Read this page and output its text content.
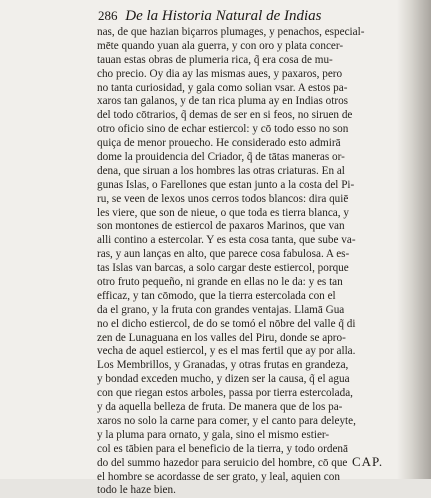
286 De la Historia Natural de Indias
nas, de que hazian biçarros plumages, y penachos, especial-
mēte quando yuan ala guerra, y con oro y plata concer-
tauan estas obras de plumeria rica, q̃ era cosa de mu-
cho precio. Oy dia ay las mismas aues, y paxaros, pero
no tanta curiosidad, y gala como solian vsar. A estos pa-
xaros tan galanos, y de tan rica pluma ay en Indias otros
del todo cōtrarios, q̃ demas de ser en si feos, no siruen de
otro oficio sino de echar estiercol: y cō todo esso no son
quiça de menor prouecho. He considerado esto admirā
dome la prouidencia del Criador, q̃ de tātas maneras or-
dena, que siruan a los hombres las otras criaturas. En al
gunas Islas, o Farellones que estan junto a la costa del Pi-
ru, se veen de lexos unos cerros todos blancos: dira quiē
les viere, que son de nieue, o que toda es tierra blanca, y
son montones de estiercol de paxaros Marinos, que van
alli contino a estercolar. Y es esta cosa tanta, que sube va-
ras, y aun lanças en alto, que parece cosa fabulosa. A es-
tas Islas van barcas, a solo cargar deste estiercol, porque
otro fruto pequeño, ni grande en ellas no le da: y es tan
efficaz, y tan cōmodo, que la tierra estercolada con el
da el grano, y la fruta con grandes ventajas. Llamā Gua
no el dicho estiercol, de do se tomó el nōbre del valle q̃ di
zen de Lunaguana en los valles del Piru, donde se apro-
vecha de aquel estiercol, y es el mas fertil que ay por alla.
Los Membrillos, y Granadas, y otras frutas en grandeza,
y bondad exceden mucho, y dizen ser la causa, q̃ el agua
con que riegan estos arboles, passa por tierra estercolada,
y da aquella belleza de fruta. De manera que de los pa-
xaros no solo la carne para comer, y el canto para deleyte,
y la pluma para ornato, y gala, sino el mismo estier-
col es tābien para el beneficio de la tierra, y todo ordenā
do del summo hazedor para seruicio del hombre, cō que
el hombre se acordasse de ser grato, y leal, aquien con
todo le haze bien.
CAP.
